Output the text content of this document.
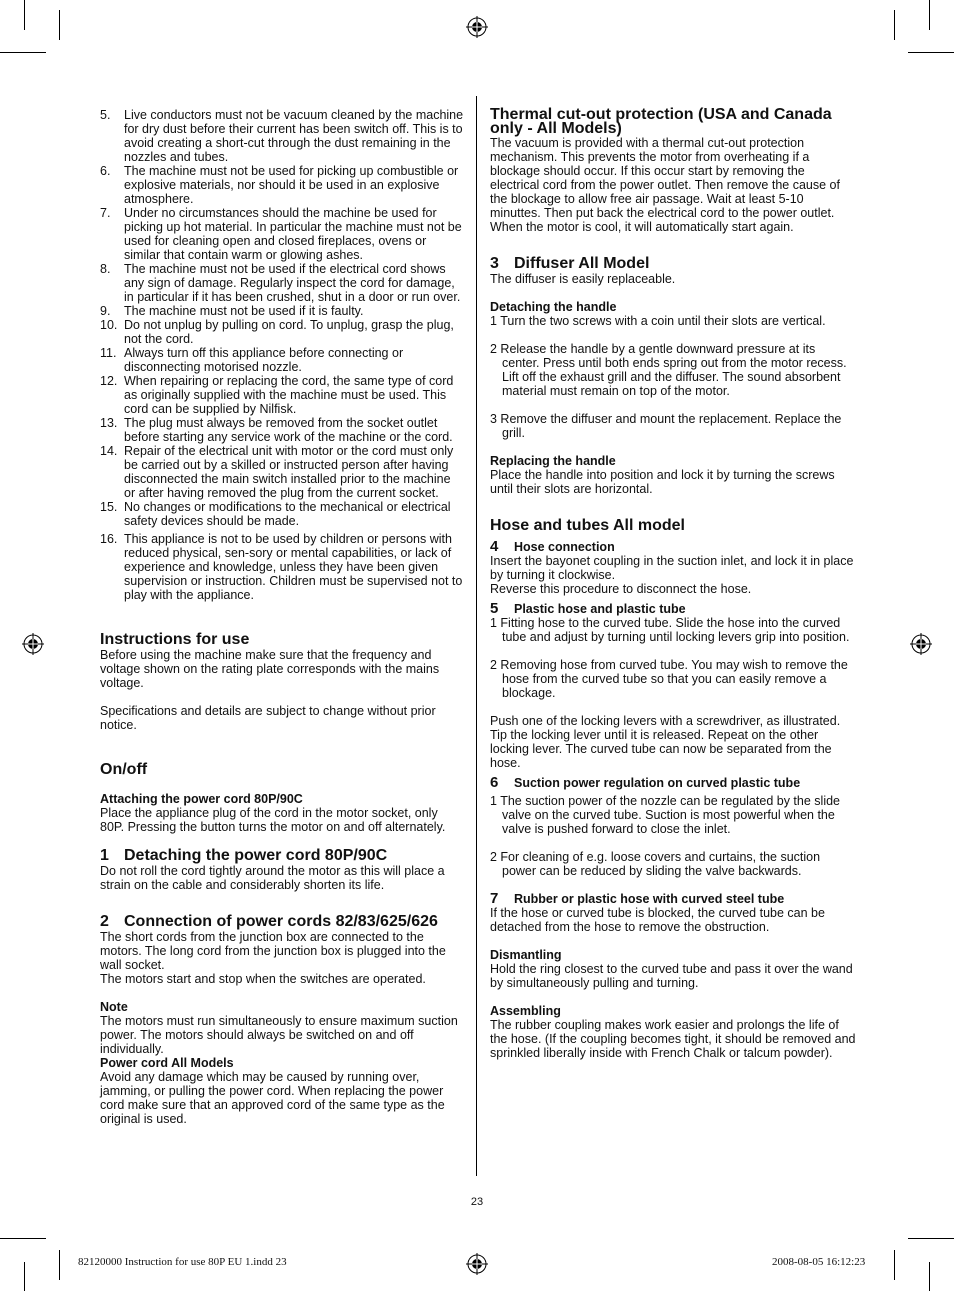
5.	Live conductors must not be vacuum cleaned by the machine for dry dust before their current has been switch off. This is to avoid creating a short-cut through the dust remaining in the nozzles and tubes.
6.	The machine must not be used for picking up combustible or explosive materials, nor should it be used in an explosive atmosphere.
7.	Under no circumstances should the machine be used for picking up hot material. In particular the machine must not be used for cleaning open and closed fireplaces, ovens or similar that contain warm or glowing ashes.
8.	The machine must not be used if the electrical cord shows any sign of damage. Regularly inspect the cord for damage, in particular if it has been crushed, shut in a door or run over.
9.	The machine must not be used if it is faulty.
10. Do not unplug by pulling on cord. To unplug, grasp the plug, not the cord.
11. Always turn off this appliance before connecting or disconnecting motorised nozzle.
12. When repairing or replacing the cord, the same type of cord as originally supplied with the machine must be used. This cord can be supplied by Nilfisk.
13. The plug must always be removed from the socket outlet before starting any service work of the machine or the cord.
14. Repair of the electrical unit with motor or the cord must only be carried out by a skilled or instructed person after having disconnected the main switch installed prior to the machine or after having removed the plug from the current socket.
15. No changes or modifications to the mechanical or electrical safety devices should be made.
16. This appliance is not to be used by children or persons with reduced physical, sen-sory or mental capabilities, or lack of experience and knowledge, unless they have been given supervision or instruction. Children must be supervised not to play with the appliance.

Instructions for use

Before using the machine make sure that the frequency and voltage shown on the rating plate corresponds with the mains voltage.

Specifications and details are subject to change without prior notice.

On/off

Attaching the power cord 80P/90C

Place the appliance plug of the cord in the motor socket, only 80P. Pressing the button turns the motor on and off alternately.

1 Detaching the power cord 80P/90C

Do not roll the cord tightly around the motor as this will place a strain on the cable and considerably shorten its life.

2 Connection of power cords 82/83/625/626

The short cords from the junction box are connected to the motors. The long cord from the junction box is plugged into the wall socket.

The motors start and stop when the switches are operated.

Note

The motors must run simultaneously to ensure maximum suction power. The motors should always be switched on and off individually.

Power cord All Models

Avoid any damage which may be caused by running over, jamming, or pulling the power cord. When replacing the power cord make sure that an approved cord of the same type as the original is used.

Thermal cut-out protection (USA and Canada only - All Models)

The vacuum is provided with a thermal cut-out protection mechanism. This prevents the motor from overheating if a blockage should occur. If this occur start by removing the electrical cord from the power outlet. Then remove the cause of the blockage to allow free air passage. Wait at least 5-10 minuttes. Then put back the electrical cord to the power outlet. When the motor is cool, it will automatically start again.

3 Diffuser All Model

The diffuser is easily replaceable.

Detaching the handle

1 Turn the two screws with a coin until their slots are vertical.

2 Release the handle by a gentle downward pressure at its center. Press until both ends spring out from the motor recess. Lift off the exhaust grill and the diffuser. The sound absorbent material must remain on top of the motor.

3 Remove the diffuser and mount the replacement. Replace the grill.

Replacing the handle

Place the handle into position and lock it by turning the screws until their slots are horizontal.

Hose and tubes All model

4 Hose connection

Insert the bayonet coupling in the suction inlet, and lock it in place by turning it clockwise.

Reverse this procedure to disconnect the hose.

5 Plastic hose and plastic tube

1 Fitting hose to the curved tube. Slide the hose into the curved tube and adjust by turning until locking levers grip into position.

2 Removing hose from curved tube. You may wish to remove the hose from the curved tube so that you can easily remove a blockage.

Push one of the locking levers with a screwdriver, as illustrated. Tip the locking lever until it is released. Repeat on the other locking lever. The curved tube can now be separated from the hose.

6 Suction power regulation on curved plastic tube

1 The suction power of the nozzle can be regulated by the slide valve on the curved tube. Suction is most powerful when the valve is pushed forward to close the inlet.

2 For cleaning of e.g. loose covers and curtains, the suction power can be reduced by sliding the valve backwards.

7 Rubber or plastic hose with curved steel tube

If the hose or curved tube is blocked, the curved tube can be detached from the hose to remove the obstruction.

Dismantling

Hold the ring closest to the curved tube and pass it over the wand by simultaneously pulling and turning.

Assembling

The rubber coupling makes work easier and prolongs the life of the hose. (If the coupling becomes tight, it should be removed and sprinkled liberally inside with French Chalk or talcum powder).

23
82120000 Instruction for use 80P EU 1.indd 23	2008-08-05 16:12:23
